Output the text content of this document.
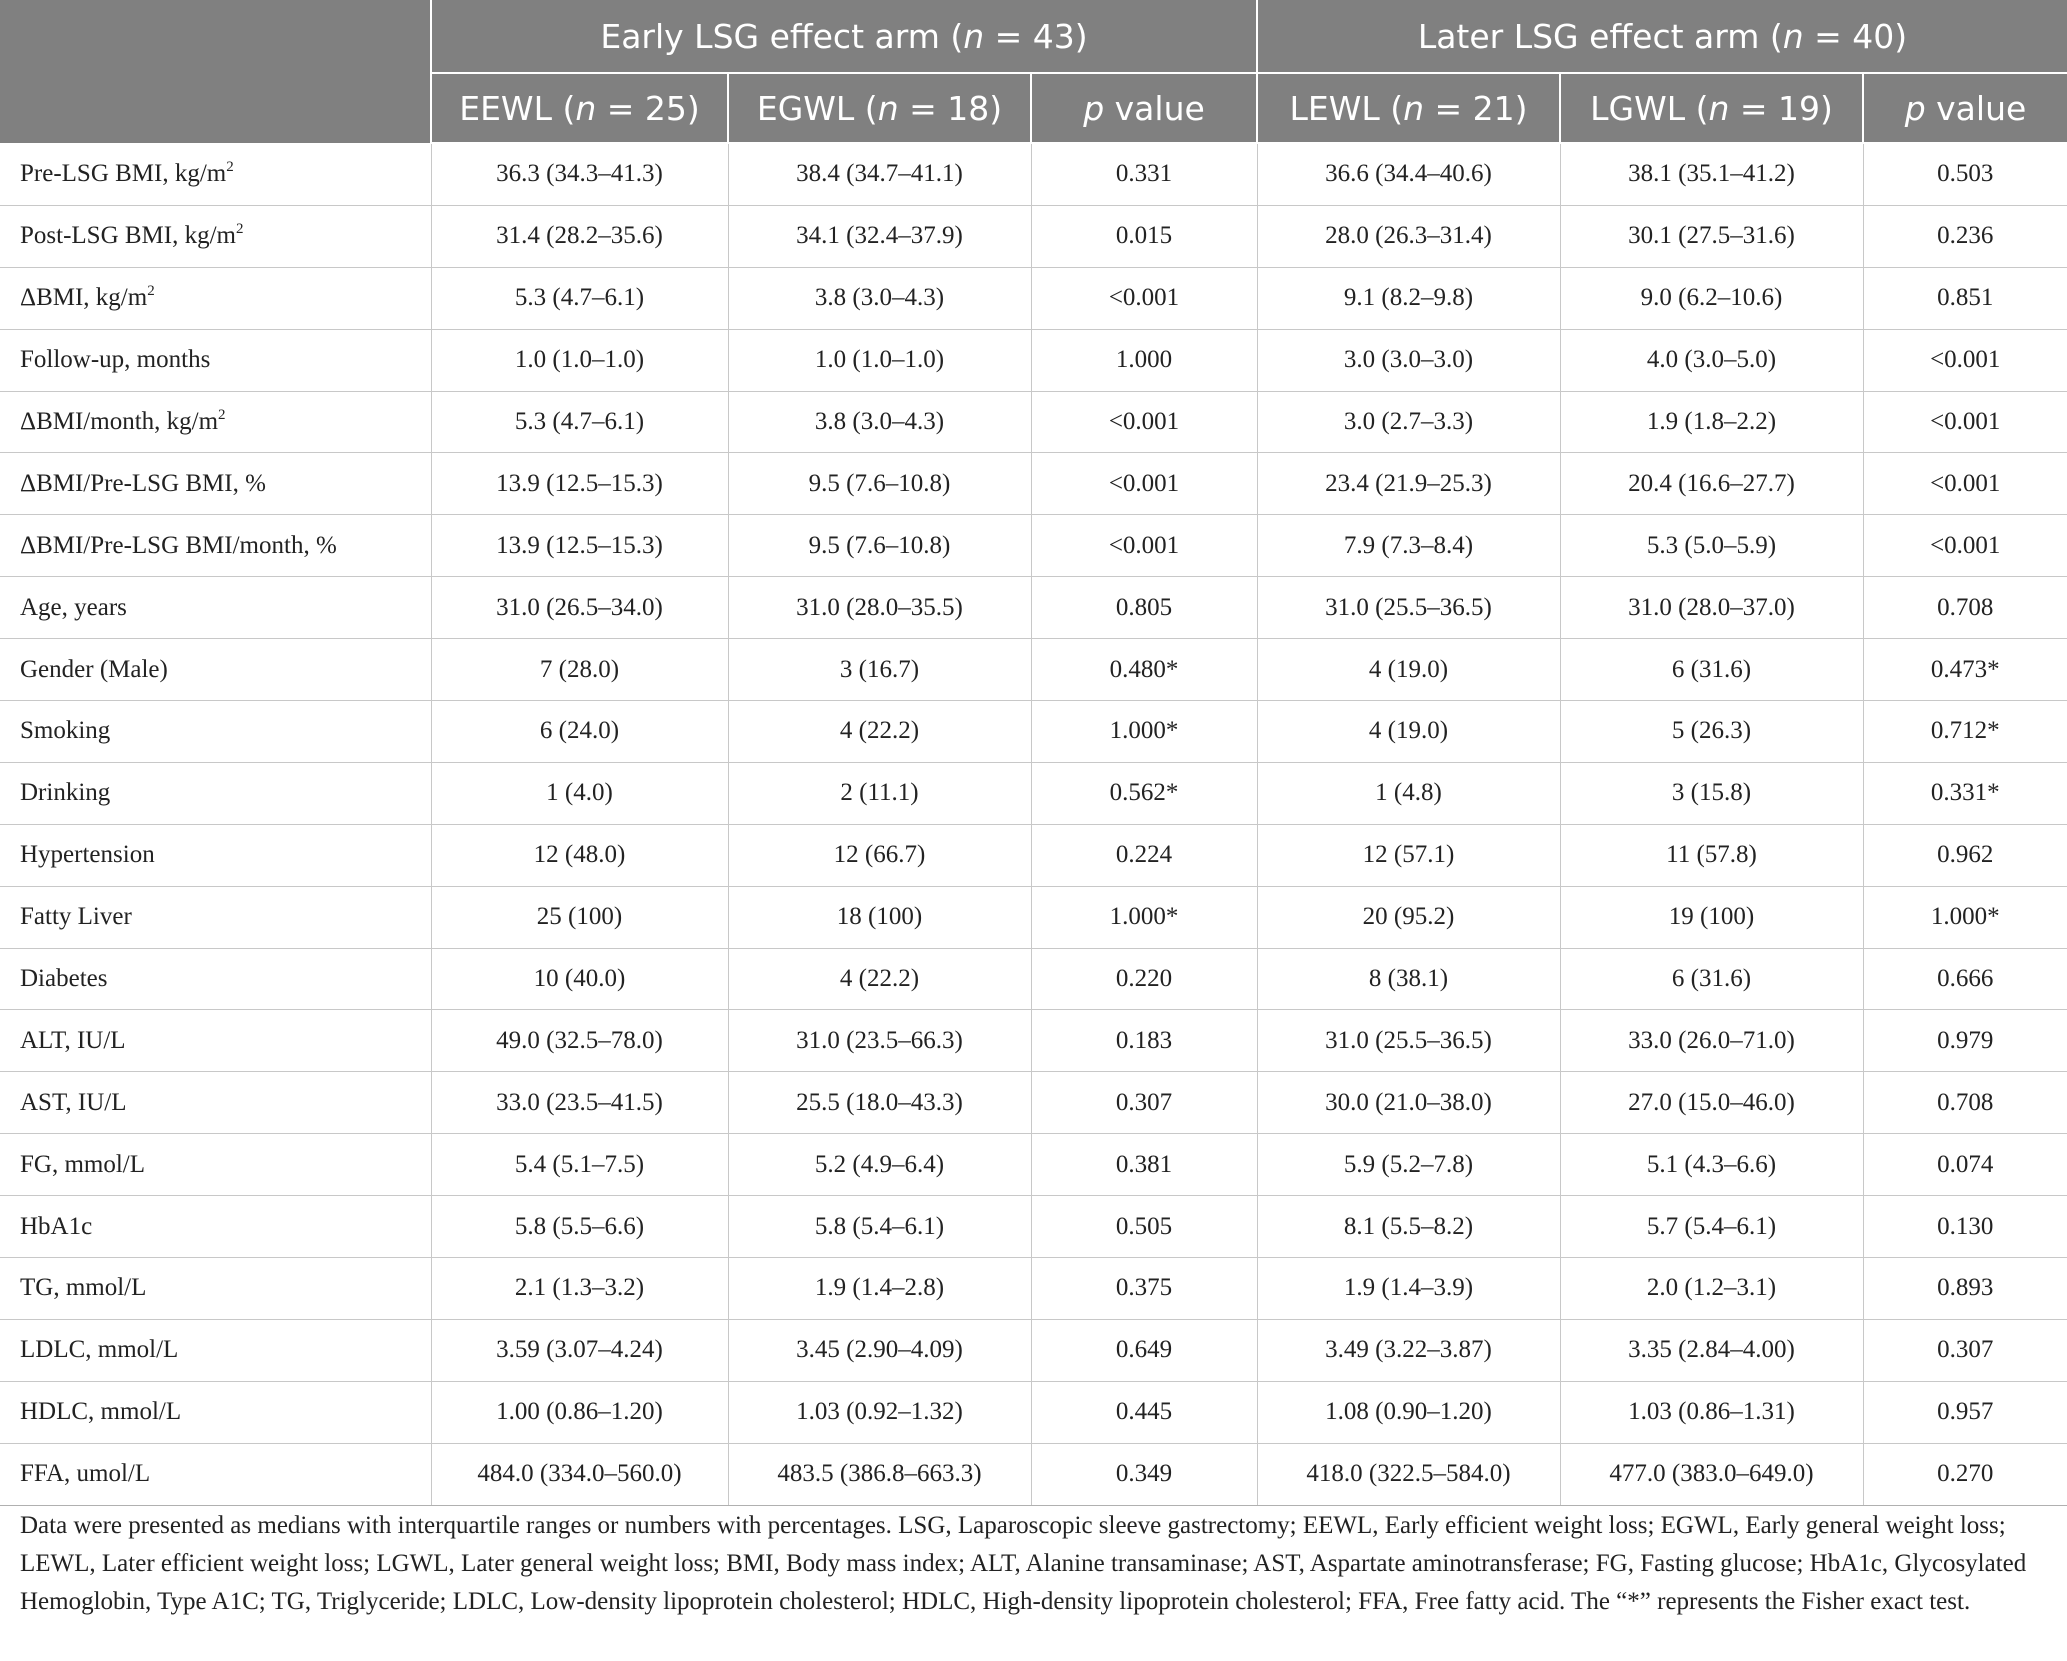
	Early LSG effect arm (n = 43)			Later LSG effect arm (n = 40)		
	EEWL (n = 25)	EGWL (n = 18)	p value	LEWL (n = 21)	LGWL (n = 19)	p value
Pre-LSG BMI, $kg/m^2$	36.3 (34.3–41.3)	38.4 (34.7–41.1)	0.331	36.6 (34.4–40.6)	38.1 (35.1–41.2)	0.503
Post-LSG BMI, $kg/m^2$	31.4 (28.2–35.6)	34.1 (32.4–37.9)	0.015	28.0 (26.3–31.4)	30.1 (27.5–31.6)	0.236
ΔBMI, $kg/m^2$	5.3 (4.7–6.1)	3.8 (3.0–4.3)	<0.001	9.1 (8.2–9.8)	9.0 (6.2–10.6)	0.851
Follow-up, months	1.0 (1.0–1.0)	1.0 (1.0–1.0)	1.000	3.0 (3.0–3.0)	4.0 (3.0–5.0)	<0.001
ΔBMI/month, $kg/m^2$	5.3 (4.7–6.1)	3.8 (3.0–4.3)	<0.001	3.0 (2.7–3.3)	1.9 (1.8–2.2)	<0.001
ΔBMI/Pre-LSG BMI, %	13.9 (12.5–15.3)	9.5 (7.6–10.8)	<0.001	23.4 (21.9–25.3)	20.4 (16.6–27.7)	<0.001
ΔBMI/Pre-LSG BMI/month, %	13.9 (12.5–15.3)	9.5 (7.6–10.8)	<0.001	7.9 (7.3–8.4)	5.3 (5.0–5.9)	<0.001
Age, years	31.0 (26.5–34.0)	31.0 (28.0–35.5)	0.805	31.0 (25.5–36.5)	31.0 (28.0–37.0)	0.708
Gender (Male)	7 (28.0)	3 (16.7)	0.480*	4 (19.0)	6 (31.6)	0.473*
Smoking	6 (24.0)	4 (22.2)	1.000*	4 (19.0)	5 (26.3)	0.712*
Drinking	1 (4.0)	2 (11.1)	0.562*	1 (4.8)	3 (15.8)	0.331*
Hypertension	12 (48.0)	12 (66.7)	0.224	12 (57.1)	11 (57.8)	0.962
Fatty Liver	25 (100)	18 (100)	1.000*	20 (95.2)	19 (100)	1.000*
Diabetes	10 (40.0)	4 (22.2)	0.220	8 (38.1)	6 (31.6)	0.666
ALT, IU/L	49.0 (32.5–78.0)	31.0 (23.5–66.3)	0.183	31.0 (25.5–36.5)	33.0 (26.0–71.0)	0.979
AST, IU/L	33.0 (23.5–41.5)	25.5 (18.0–43.3)	0.307	30.0 (21.0–38.0)	27.0 (15.0–46.0)	0.708
FG, mmol/L	5.4 (5.1–7.5)	5.2 (4.9–6.4)	0.381	5.9 (5.2–7.8)	5.1 (4.3–6.6)	0.074
HbA1c	5.8 (5.5–6.6)	5.8 (5.4–6.1)	0.505	8.1 (5.5–8.2)	5.7 (5.4–6.1)	0.130
TG, mmol/L	2.1 (1.3–3.2)	1.9 (1.4–2.8)	0.375	1.9 (1.4–3.9)	2.0 (1.2–3.1)	0.893
LDLC, mmol/L	3.59 (3.07–4.24)	3.45 (2.90–4.09)	0.649	3.49 (3.22–3.87)	3.35 (2.84–4.00)	0.307
HDLC, mmol/L	1.00 (0.86–1.20)	1.03 (0.92–1.32)	0.445	1.08 (0.90–1.20)	1.03 (0.86–1.31)	0.957
FFA, umol/L	484.0 (334.0–560.0)	483.5 (386.8–663.3)	0.349	418.0 (322.5–584.0)	477.0 (383.0–649.0)	0.270
Data were presented as medians with interquartile ranges or numbers with percentages. LSG, Laparoscopic sleeve gastrectomy; EEWL, Early efficient weight loss; EGWL, Early general weight loss; LEWL, Later efficient weight loss; LGWL, Later general weight loss; BMI, Body mass index; ALT, Alanine transaminase; AST, Aspartate aminotransferase; FG, Fasting glucose; HbA1c, Glycosylated Hemoglobin, Type A1C; TG, Triglyceride; LDLC, Low-density lipoprotein cholesterol; HDLC, High-density lipoprotein cholesterol; FFA, Free fatty acid. The “*” represents the Fisher exact test.
